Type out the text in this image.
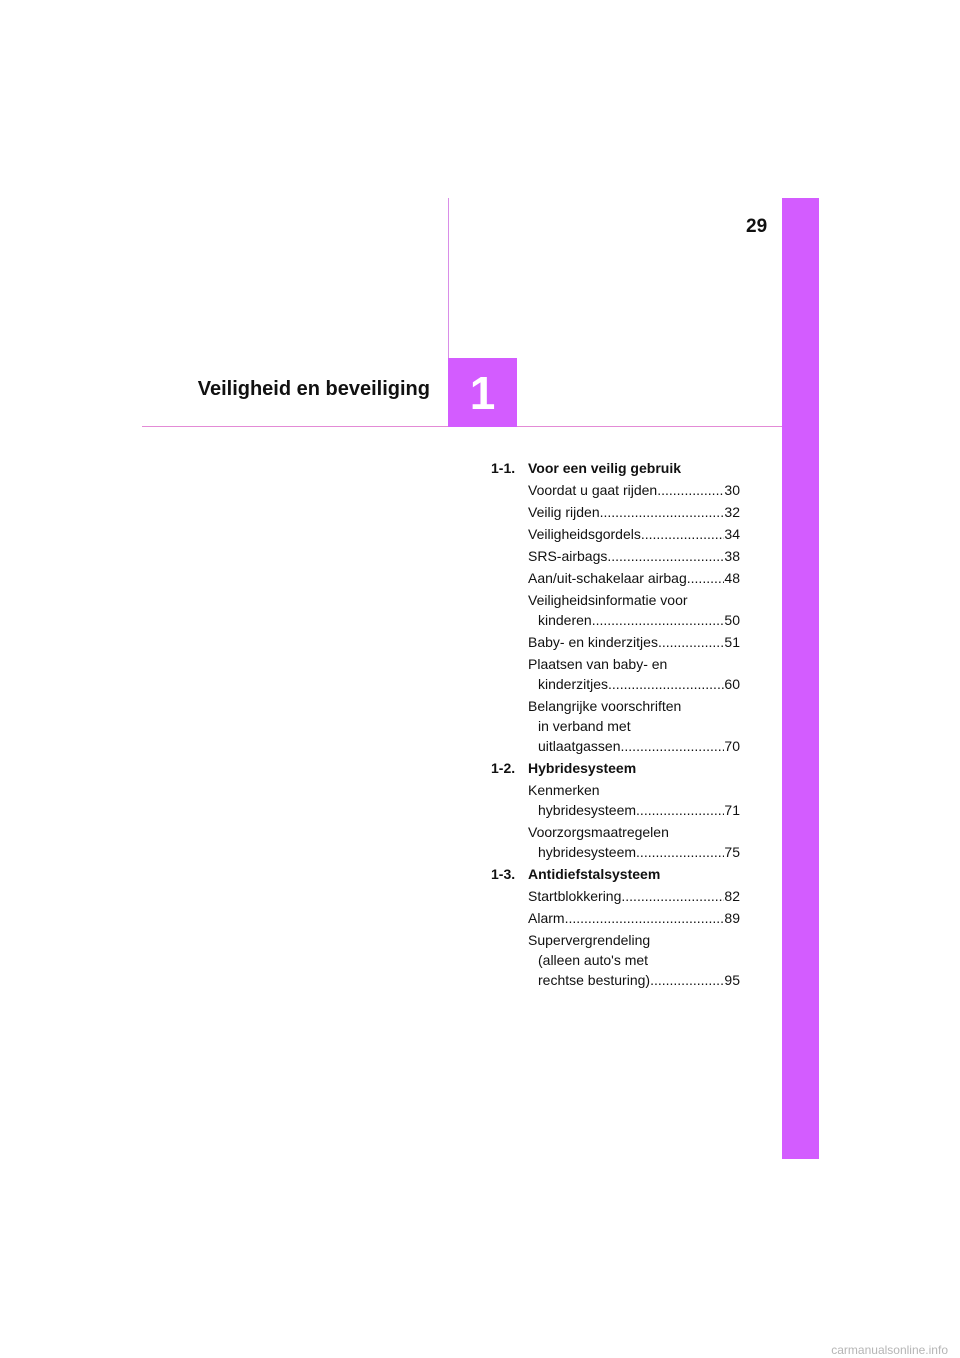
29
1
Veiligheid en beveiliging
1-1. Voor een veilig gebruik
Voordat u gaat rijden .....	30
Veilig rijden .....	32
Veiligheidsgordels .....	34
SRS-airbags .....	38
Aan/uit-schakelaar airbag .....	48
Veiligheidsinformatie voor
kinderen .....	50
Baby- en kinderzitjes .....	51
Plaatsen van baby- en
kinderzitjes .....	60
Belangrijke voorschriften
in verband met
uitlaatgassen .....	70
1-2. Hybridesysteem
Kenmerken
hybridesysteem .....	71
Voorzorgsmaatregelen
hybridesysteem .....	75
1-3. Antidiefstalsysteem
Startblokkering .....	82
Alarm .....	89
Supervergrendeling
(alleen auto's met
rechtse besturing) .....	95
carmanualsonline.info
